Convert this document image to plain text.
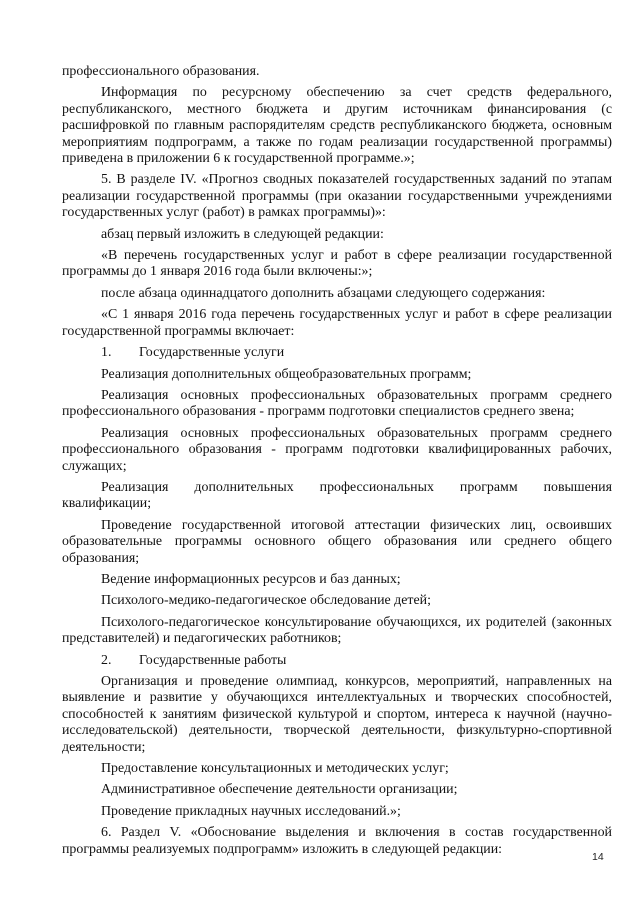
профессионального образования.

Информация по ресурсному обеспечению за счет средств федерального, республиканского, местного бюджета и другим источникам финансирования (с расшифровкой по главным распорядителям средств республиканского бюджета, основным мероприятиям подпрограмм, а также по годам реализации государственной программы) приведена в приложении 6 к государственной программе.»;

5. В разделе IV. «Прогноз сводных показателей государственных заданий по этапам реализации государственной программы (при оказании государственными учреждениями государственных услуг (работ) в рамках программы)»:

абзац первый изложить в следующей редакции:

«В перечень государственных услуг и работ в сфере реализации государственной программы до 1 января 2016 года были включены:»;

после абзаца одиннадцатого дополнить абзацами следующего содержания:

«С 1 января 2016 года перечень государственных услуг и работ в сфере реализации государственной программы включает:

1. Государственные услуги

Реализация дополнительных общеобразовательных программ;

Реализация основных профессиональных образовательных программ среднего профессионального образования - программ подготовки специалистов среднего звена;

Реализация основных профессиональных образовательных программ среднего профессионального образования - программ подготовки квалифицированных рабочих, служащих;

Реализация дополнительных профессиональных программ повышения квалификации;

Проведение государственной итоговой аттестации физических лиц, освоивших образовательные программы основного общего образования или среднего общего образования;

Ведение информационных ресурсов и баз данных;

Психолого-медико-педагогическое обследование детей;

Психолого-педагогическое консультирование обучающихся, их родителей (законных представителей) и педагогических работников;

2. Государственные работы

Организация и проведение олимпиад, конкурсов, мероприятий, направленных на выявление и развитие у обучающихся интеллектуальных и творческих способностей, способностей к занятиям физической культурой и спортом, интереса к научной (научно-исследовательской) деятельности, творческой деятельности, физкультурно-спортивной деятельности;

Предоставление консультационных и методических услуг;

Административное обеспечение деятельности организации;

Проведение прикладных научных исследований.»;

6. Раздел V. «Обоснование выделения и включения в состав государственной программы реализуемых подпрограмм» изложить в следующей редакции:

14
